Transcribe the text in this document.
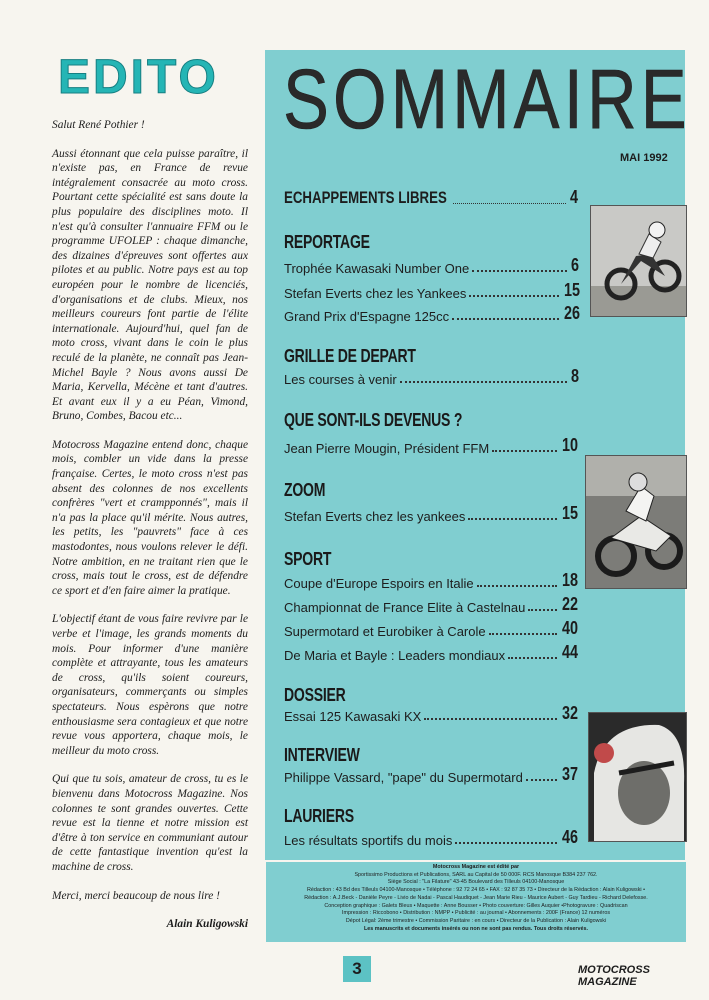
EDITO

Salut René Pothier !

Aussi étonnant que cela puisse paraître, il n'existe pas, en France de revue intégralement consacrée au moto cross. Pourtant cette spécialité est sans doute la plus populaire des disciplines moto. Il n'est qu'à consulter l'annuaire FFM ou le programme UFOLEP : chaque dimanche, des dizaines d'épreuves sont offertes aux pilotes et au public. Notre pays est au top européen pour le nombre de licenciés, d'organisations et de clubs. Mieux, nos meilleurs coureurs font partie de l'élite internationale. Aujourd'hui, quel fan de moto cross, vivant dans le coin le plus reculé de la planète, ne connaît pas Jean-Michel Bayle ? Nous avons aussi De Maria, Kervella, Mécène et tant d'autres. Et avant eux il y a eu Péan, Vimond, Bruno, Combes, Bacou etc...

Motocross Magazine entend donc, chaque mois, combler un vide dans la presse française. Certes, le moto cross n'est pas absent des colonnes de nos excellents confrères "vert et crampponnés", mais il n'a pas la place qu'il mérite. Nous autres, les petits, les "pauvrets" face à ces mastodontes, nous voulons relever le défi. Notre ambition, en ne traitant rien que le cross, mais tout le cross, est de défendre ce sport et d'en faire aimer la pratique.

L'objectif étant de vous faire revivre par le verbe et l'image, les grands moments du mois. Pour informer d'une manière complète et attrayante, tous les amateurs de cross, qu'ils soient coureurs, organisateurs, commerçants ou simples spectateurs. Nous espèrons que notre enthousiasme sera contagieux et que notre revue vous apportera, chaque mois, le meilleur du moto cross.

Qui que tu sois, amateur de cross, tu es le bienvenu dans Motocross Magazine. Nos colonnes te sont grandes ouvertes. Cette revue est la tienne et notre mission est d'être à ton service en communiant autour de cette fantastique invention qu'est la machine de cross.

Merci, merci beaucoup de nous lire !

Alain Kuligowski
SOMMAIRE
MAI 1992
ECHAPPEMENTS LIBRES	4
REPORTAGE
Trophée Kawasaki Number One	6
Stefan Everts chez les Yankees	15
Grand Prix d'Espagne 125cc	26
GRILLE DE DEPART
Les courses à venir	8
QUE SONT-ILS DEVENUS ?
Jean Pierre Mougin, Président FFM	10
ZOOM
Stefan Everts chez les yankees	15
SPORT
Coupe d'Europe Espoirs en Italie	18
Championnat de France Elite à Castelnau 22
Supermotard et Eurobiker à Carole	40
De Maria et Bayle : Leaders mondiaux	44
DOSSIER
Essai 125 Kawasaki KX	32
INTERVIEW
Philippe Vassard, "pape" du Supermotard 37
LAURIERS
Les résultats sportifs du mois	46
Motocross Magazine est édité par
Sportissimo Productions et Publications, SARL au Capital de 50 000F. RCS Manosque B384 237 762.
Siège Social : "La Filature" 43-45 Boulevard des Tilleuls 04100-Manosque
Rédaction : 43 Bd des Tilleuls 04100-Manosque • Téléphone : 92 72 24 65 • FAX : 92 87 35 73 • Directeur de la Rédaction : Alain Kuligowski •
Rédaction : A.J.Beck - Danièle Peyre - Livio de Nadai - Pascal Haudiquet - Jean Marie Rieu - Maurice Aubert - Guy Tardieu - Richard Delefosse.
Conception graphique : Galets Bleus • Maquette : Anne Bousser • Photo couverture: Gilles Auquier •Photogravure : Quadriscan
Impression : Riccobono • Distribution : NMPP • Publicité : au journal • Abonnements : 200F (France) 12 numéros
Dépot Légal: 2ème trimestre • Commission Paritaire : en cours • Directeur de la Publication : Alain Kuligowski
Les manuscrits et documents insérés ou non ne sont pas rendus. Tous droits réservés.
3	MOTOCROSS MAGAZINE
